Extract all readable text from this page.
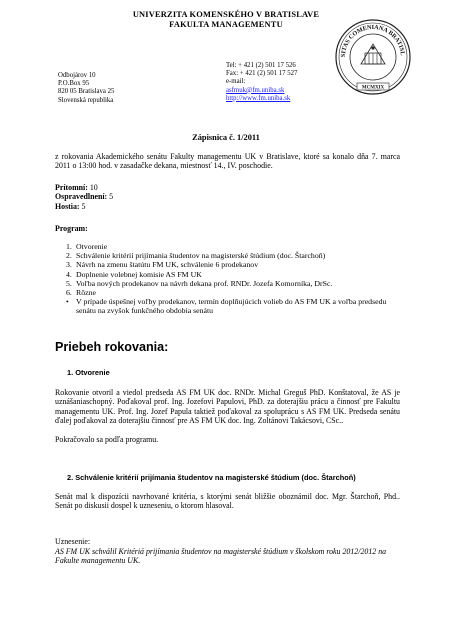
UNIVERZITA KOMENSKÉHO V BRATISLAVE
FAKULTA MANAGEMENTU
SITAS COMENIANA BRATISL
MCMXIX
Odbojárov 10
P.O.Box 95
820 05 Bratislava 25
Slovenská republika
Tel: + 421 (2) 501 17 526
Fax: + 421 (2) 501 17 527
e-mail:
asfmuk@fm.uniba.sk
http://www.fm.uniba.sk
Zápisnica č. 1/2011
z rokovania Akademického senátu Fakulty managementu UK v Bratislave, ktoré sa konalo dňa 7. marca 2011 o 13:00 hod. v zasadačke dekana, miestnosť 14., IV. poschodie.
Prítomní: 10
Ospravedlnení: 5
Hostia: 5
Program:
1. Otvorenie
2. Schválenie kritérií prijímania študentov na magisterské štúdium (doc. Štarchoň)
3. Návrh na zmenu štatútu FM UK, schválenie 6 prodekanov
4. Doplnenie volebnej komisie AS FM UK
5. Voľba nových prodekanov na návrh dekana prof. RNDr. Jozefa Komorníka, DrSc.
6. Rôzne
• V prípade úspešnej voľby prodekanov, termín doplňujúcich volieb do AS FM UK a voľba predsedu senátu na zvyšok funkčného obdobia senátu
Priebeh rokovania:
1. Otvorenie
Rokovanie otvoril a viedol predseda AS FM UK doc. RNDr. Michal Greguš PhD. Konštatoval, že AS je uznášaniaschopný. Poďakoval prof. Ing. Jozefovi Papulovi, PhD. za doterajšiu prácu a činnosť pre Fakultu managementu UK. Prof. Ing. Jozef Papula taktiež poďakoval za spoluprácu s AS FM UK. Predseda senátu ďalej poďakoval za doterajšiu činnosť pre AS FM UK doc. Ing. Zoltánovi Takácsovi, CSc..
Pokračovalo sa podľa programu.
2. Schválenie kritérií prijímania študentov na magisterské štúdium (doc. Štarchoň)
Senát mal k dispozícii navrhované kritéria, s ktorými senát bližšie oboznámil doc. Mgr. Štarchoň, Phd.. Senát po diskusii dospel k uzneseniu, o ktorom hlasoval.
Uznesenie:
AS FM UK schválil Kritériá prijímania študentov na magisterské štúdium v školskom roku 2012/2012 na Fakulte managementu UK.
